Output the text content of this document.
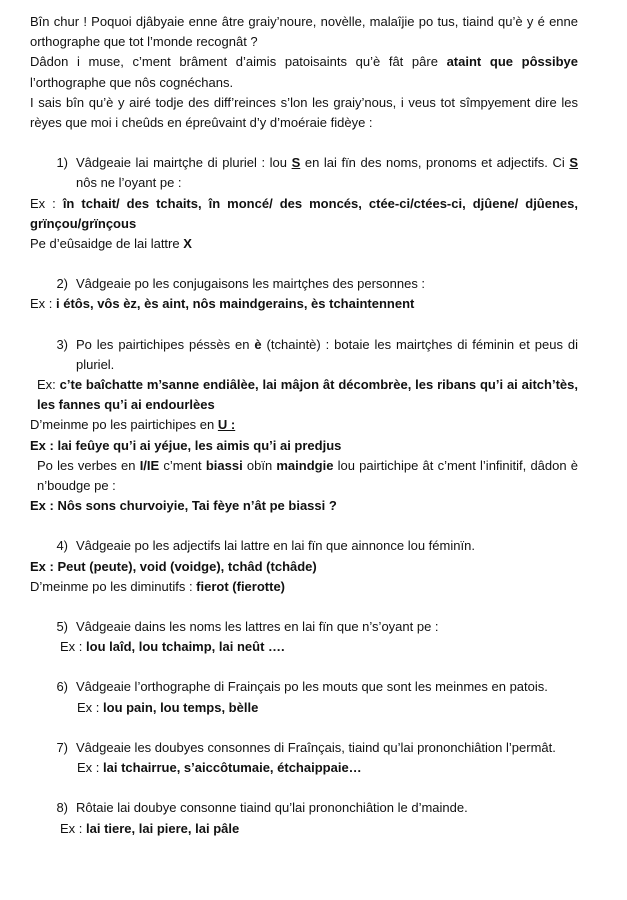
Bîn chur ! Poquoi djâbyaie enne âtre graiy’noure, novèlle, malaîjie po tus, tiaind qu’è y é enne orthographe que tot l’monde recognât ?

Dâdon i muse, c’ment brâment d’aimis patoisaints qu’è fât pâre ataint que pôssibye l’orthographe que nôs cognéchans.

I sais bîn qu’è y airé todje des diff’reinces s’lon les graiy’nous, i veus tot sîmpyement dire les rèyes que moi i cheûds en épreûvaint d’y d’moéraie fidèye :

1) Vâdgeaie lai mairtçhe di pluriel : lou S en lai fïn des noms, pronoms et adjectifs. Ci S nôs ne l’oyant pe :

Ex : în tchait/ des tchaits, în moncé/ des moncés, ctée-ci/ctées-ci, djûene/ djûenes, grïnçou/grïnçous

Pe d’eûsaidge de lai lattre X

2) Vâdgeaie po les conjugaisons les mairtçhes des personnes :

Ex : i étôs, vôs èz, ès aint, nôs maindgerains, ès tchaintennent

3) Po les pairtichipes péssès en è (tchaintè) : botaie les mairtçhes di féminin et peus di pluriel.

Ex: c’te baîchatte m’sanne endiâlèe, lai mâjon ât décombrèe, les ribans qu’i ai aitch’tès, les fannes qu’i ai endourlèes

D’meinme po les pairtichipes en U :

Ex : lai feûye qu’i ai yéjue, les aimis qu’i ai predjus

Po les verbes en I/IE c’ment biassi obïn maindgie lou pairtichipe ât c’ment l’infinitif, dâdon è n’boudge pe :

Ex : Nôs sons churvoiyie, Tai fèye n’ât pe biassi ?

4) Vâdgeaie po les adjectifs lai lattre en lai fïn que ainnonce lou féminïn.

Ex : Peut (peute), void (voidge), tchâd (tchâde)

D’meinme po les diminutifs : fierot (fierotte)

5) Vâdgeaie dains les noms les lattres en lai fïn que n’s’oyant pe :

Ex : lou laîd, lou tchaimp, lai neût ….

6) Vâdgeaie l’orthographe di Frainçais po les mouts que sont les meinmes en patois.

Ex : lou pain, lou temps, bèlle

7) Vâdgeaie les doubyes consonnes di Fraînçais, tiaind qu’lai prononchiâtion l’permât.

Ex : lai tchairrue, s’aiccôtumaie, étchaippaie…

8) Rôtaie lai doubye consonne tiaind qu’lai prononchiâtion le d’mainde.

Ex : lai tiere, lai piere, lai pâle
